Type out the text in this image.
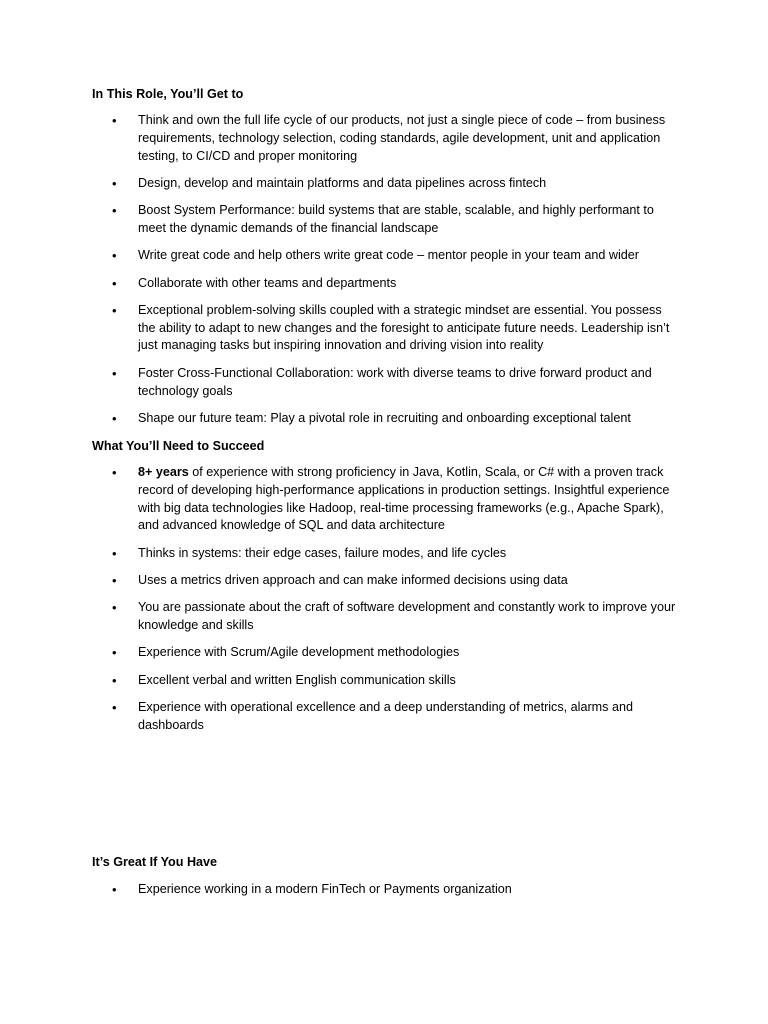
In This Role, You’ll Get to

• Think and own the full life cycle of our products, not just a single piece of code – from business requirements, technology selection, coding standards, agile development, unit and application testing, to CI/CD and proper monitoring
• Design, develop and maintain platforms and data pipelines across fintech
• Boost System Performance: build systems that are stable, scalable, and highly performant to meet the dynamic demands of the financial landscape
• Write great code and help others write great code – mentor people in your team and wider
• Collaborate with other teams and departments
• Exceptional problem-solving skills coupled with a strategic mindset are essential. You possess the ability to adapt to new changes and the foresight to anticipate future needs. Leadership isn’t just managing tasks but inspiring innovation and driving vision into reality
• Foster Cross-Functional Collaboration: work with diverse teams to drive forward product and technology goals
• Shape our future team: Play a pivotal role in recruiting and onboarding exceptional talent

What You’ll Need to Succeed

• 8+ years of experience with strong proficiency in Java, Kotlin, Scala, or C# with a proven track record of developing high-performance applications in production settings. Insightful experience with big data technologies like Hadoop, real-time processing frameworks (e.g., Apache Spark), and advanced knowledge of SQL and data architecture
• Thinks in systems: their edge cases, failure modes, and life cycles
• Uses a metrics driven approach and can make informed decisions using data
• You are passionate about the craft of software development and constantly work to improve your knowledge and skills
• Experience with Scrum/Agile development methodologies
• Excellent verbal and written English communication skills
• Experience with operational excellence and a deep understanding of metrics, alarms and dashboards

It’s Great If You Have

• Experience working in a modern FinTech or Payments organization
